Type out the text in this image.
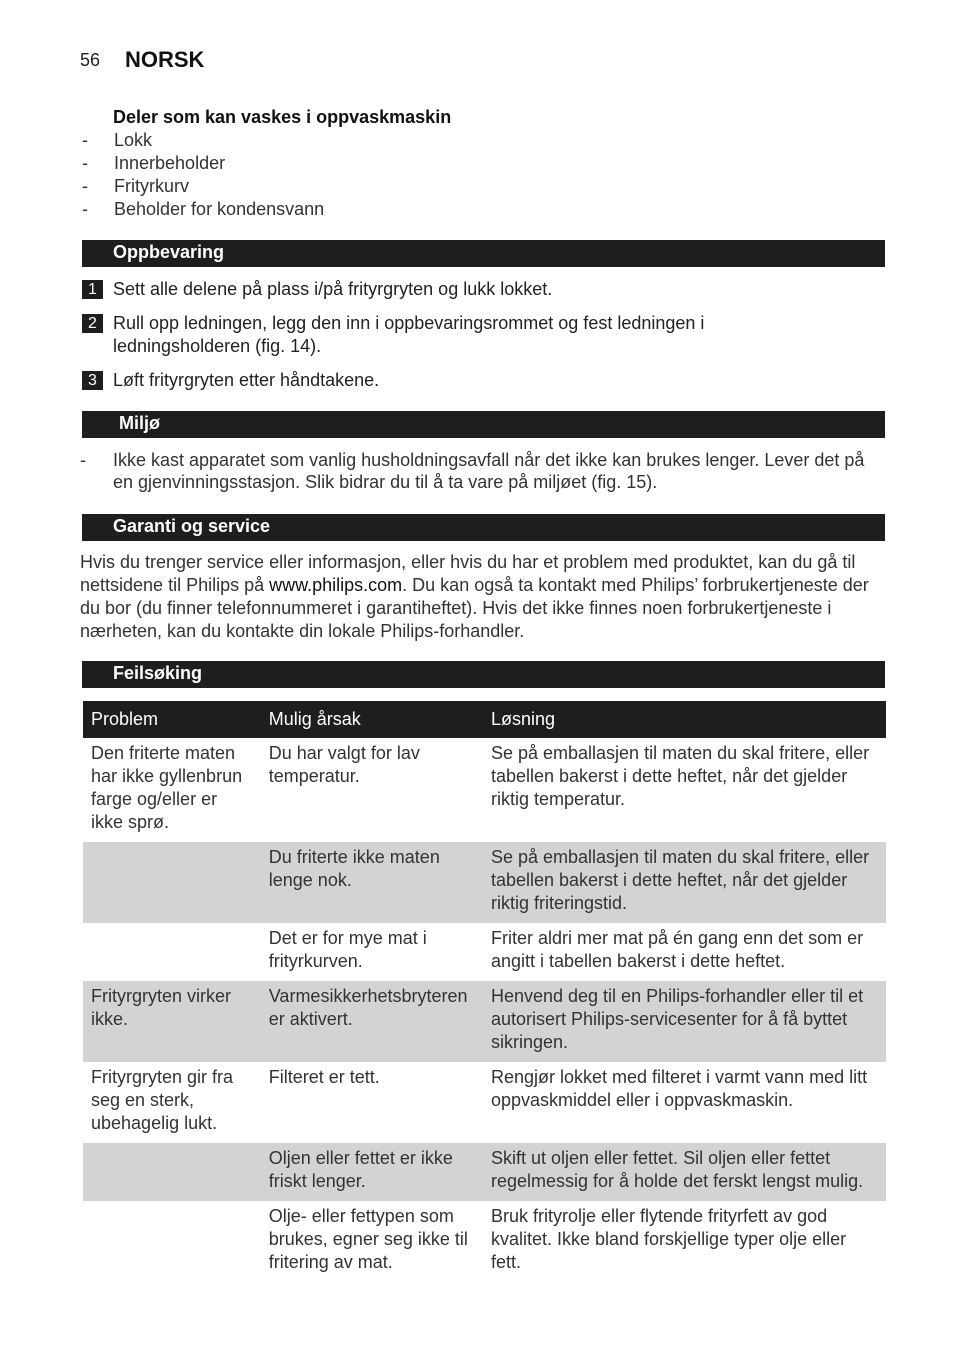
56 NORSK
Deler som kan vaskes i oppvaskmaskin
- Lokk
- Innerbeholder
- Frityrkurv
- Beholder for kondensvann
Oppbevaring
1 Sett alle delene på plass i/på frityrgryten og lukk lokket.
2 Rull opp ledningen, legg den inn i oppbevaringsrommet og fest ledningen i ledningsholderen (fig. 14).
3 Løft frityrgryten etter håndtakene.
Miljø
- Ikke kast apparatet som vanlig husholdningsavfall når det ikke kan brukes lenger. Lever det på en gjenvinningsstasjon. Slik bidrar du til å ta vare på miljøet (fig. 15).
Garanti og service
Hvis du trenger service eller informasjon, eller hvis du har et problem med produktet, kan du gå til nettsidene til Philips på www.philips.com. Du kan også ta kontakt med Philips’ forbrukertjeneste der du bor (du finner telefonnummeret i garantiheftet). Hvis det ikke finnes noen forbrukertjeneste i nærheten, kan du kontakte din lokale Philips-forhandler.
Feilsøking
Problem	Mulig årsak	Løsning
Den friterte maten har ikke gyllenbrun farge og/eller er ikke sprø.	Du har valgt for lav temperatur.	Se på emballasjen til maten du skal fritere, eller tabellen bakerst i dette heftet, når det gjelder riktig temperatur.
	Du friterte ikke maten lenge nok.	Se på emballasjen til maten du skal fritere, eller tabellen bakerst i dette heftet, når det gjelder riktig friteringstid.
	Det er for mye mat i frityrkurven.	Friter aldri mer mat på én gang enn det som er angitt i tabellen bakerst i dette heftet.
Frityrgryten virker ikke.	Varmesikkerhetsbryteren er aktivert.	Henvend deg til en Philips-forhandler eller til et autorisert Philips-servicesenter for å få byttet sikringen.
Frityrgryten gir fra seg en sterk, ubehagelig lukt.	Filteret er tett.	Rengjør lokket med filteret i varmt vann med litt oppvaskmiddel eller i oppvaskmaskin.
	Oljen eller fettet er ikke friskt lenger.	Skift ut oljen eller fettet. Sil oljen eller fettet regelmessig for å holde det ferskt lengst mulig.
	Olje- eller fettypen som brukes, egner seg ikke til fritering av mat.	Bruk frityrolje eller flytende frityrfett av god kvalitet. Ikke bland forskjellige typer olje eller fett.
